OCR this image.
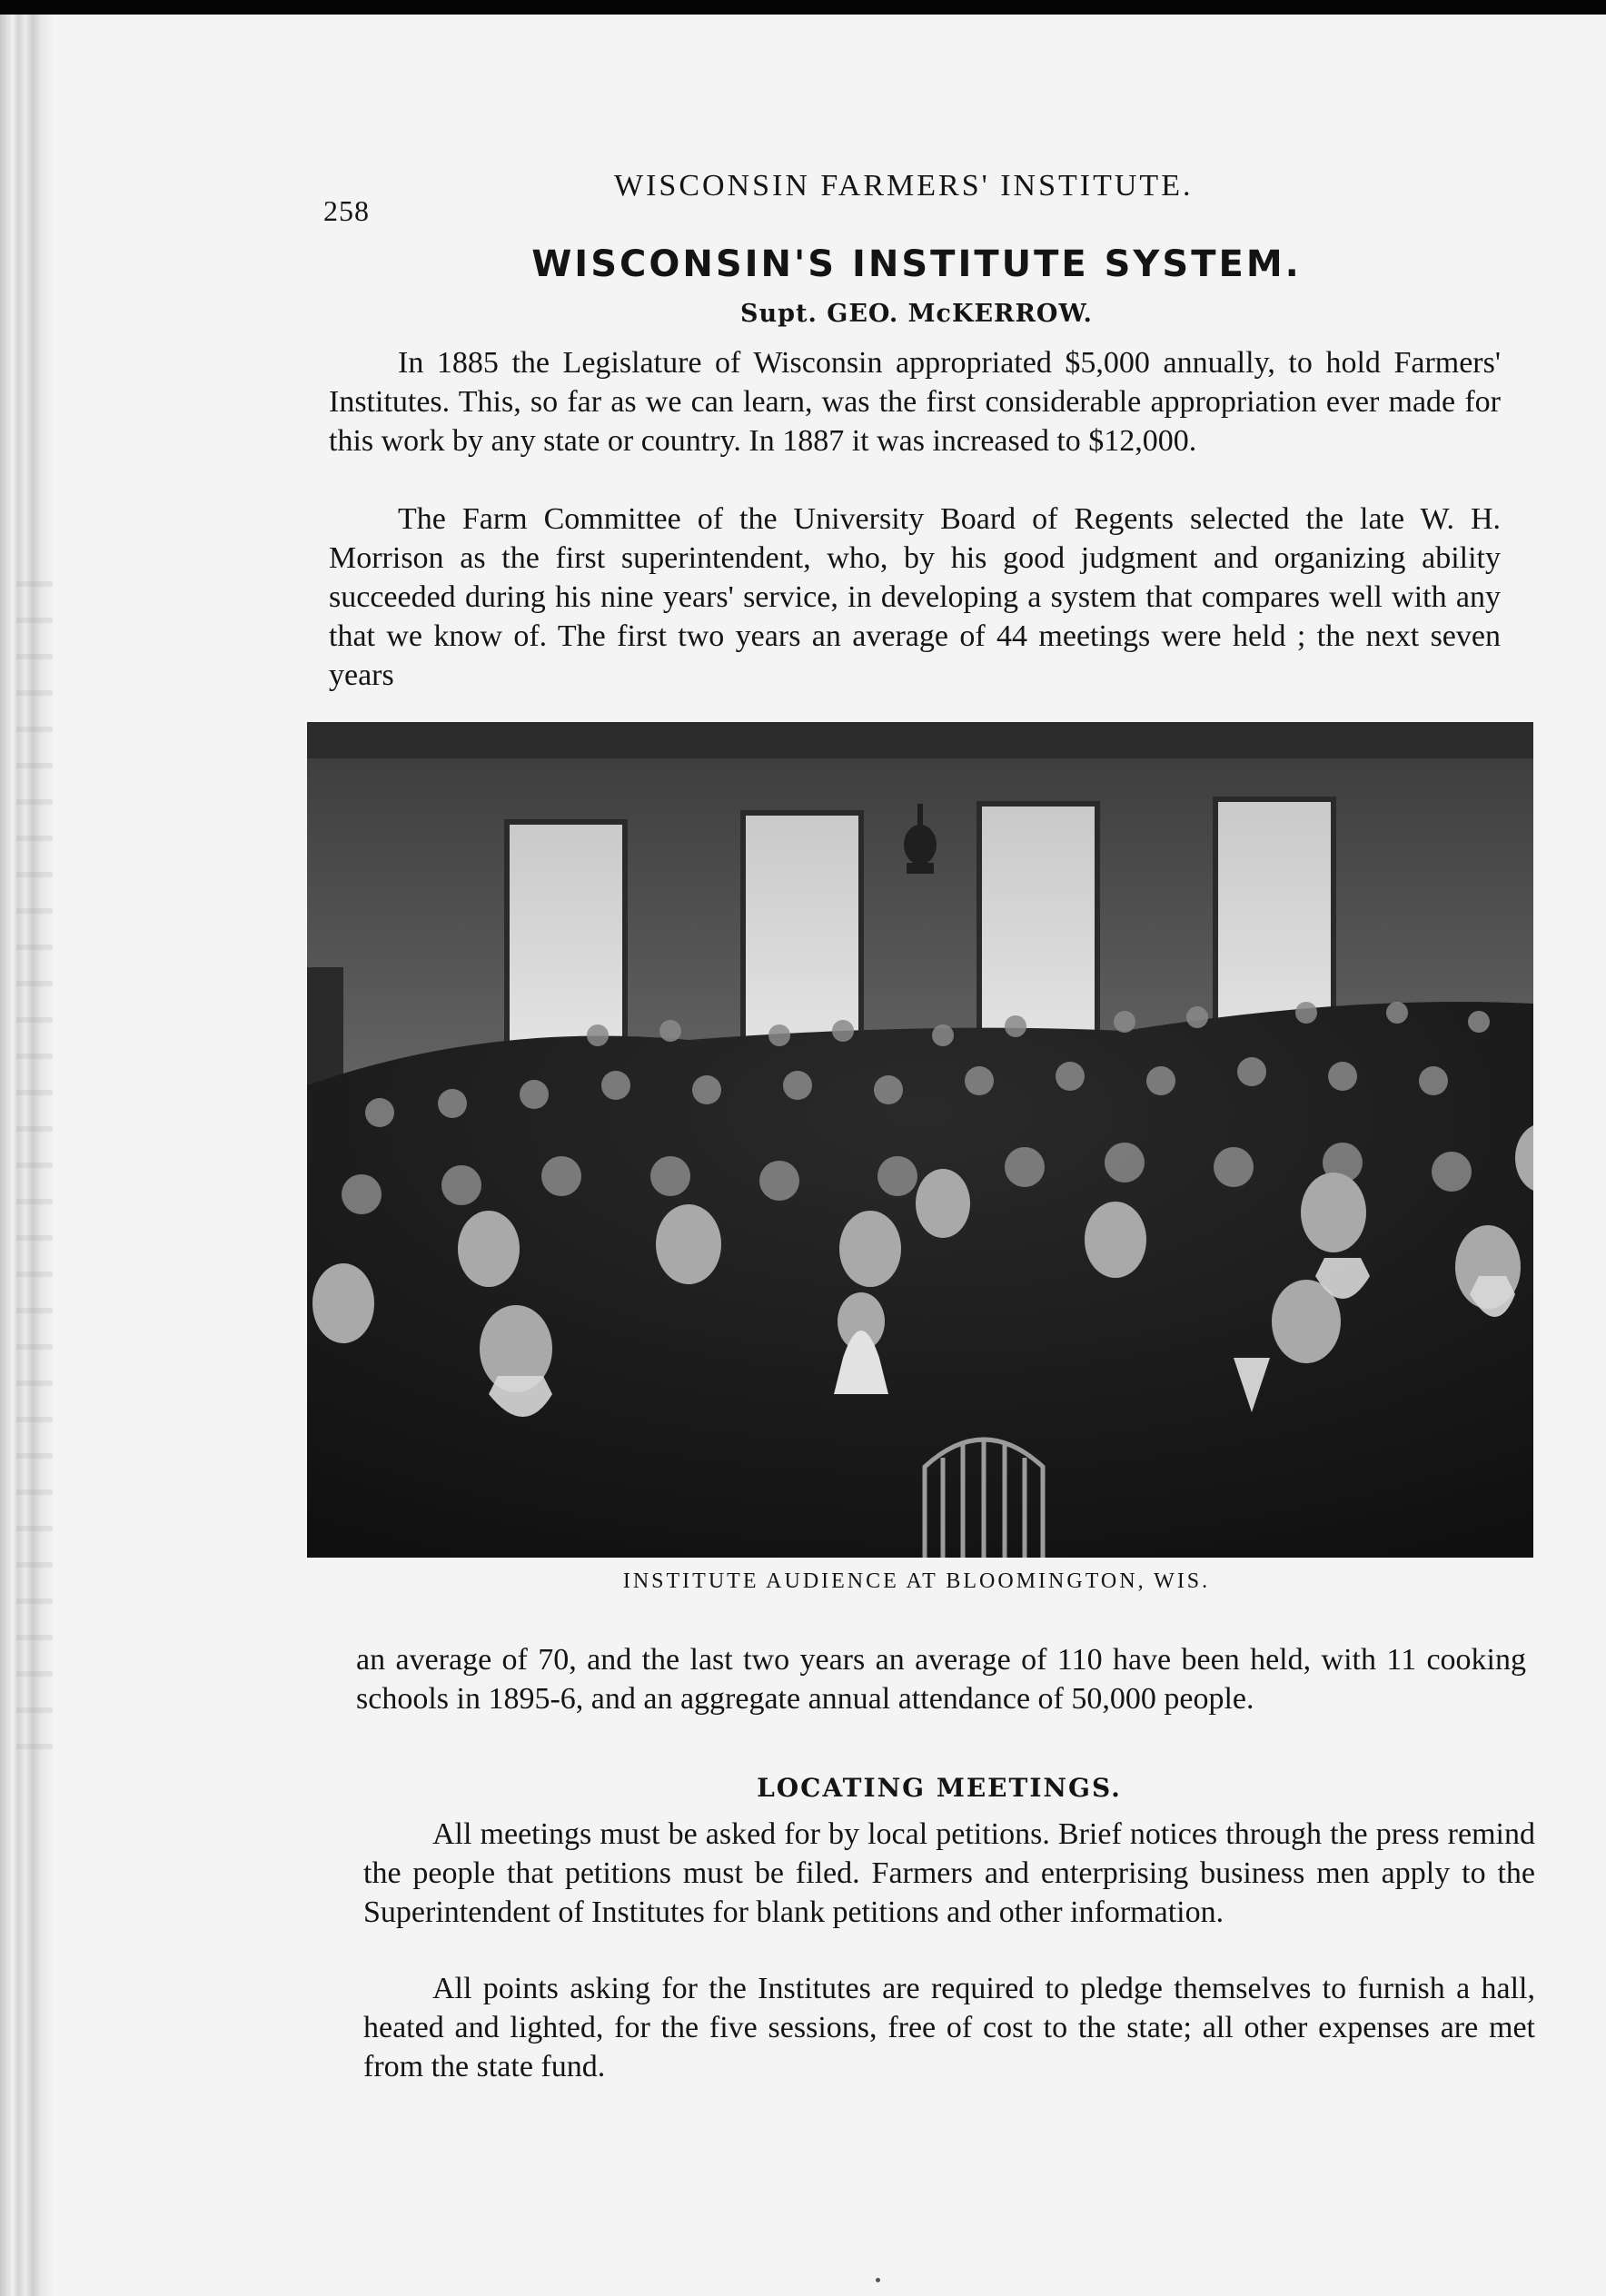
258
WISCONSIN FARMERS' INSTITUTE.
WISCONSIN'S INSTITUTE SYSTEM.
Supt. GEO. McKERROW.

In 1885 the Legislature of Wisconsin appropriated $5,000 annually, to hold Farmers' Institutes. This, so far as we can learn, was the first considerable appropriation ever made for this work by any state or country. In 1887 it was increased to $12,000.

The Farm Committee of the University Board of Regents selected the late W. H. Morrison as the first superintendent, who, by his good judgment and organizing ability succeeded during his nine years' service, in developing a system that compares well with any that we know of. The first two years an average of 44 meetings were held ; the next seven years

INSTITUTE AUDIENCE AT BLOOMINGTON, WIS.

an average of 70, and the last two years an average of 110 have been held, with 11 cooking schools in 1895-6, and an aggregate annual attendance of 50,000 people.

LOCATING MEETINGS.

All meetings must be asked for by local petitions. Brief notices through the press remind the people that petitions must be filed. Farmers and enterprising business men apply to the Superintendent of Institutes for blank petitions and other information.

All points asking for the Institutes are required to pledge themselves to furnish a hall, heated and lighted, for the five sessions, free of cost to the state; all other expenses are met from the state fund.
